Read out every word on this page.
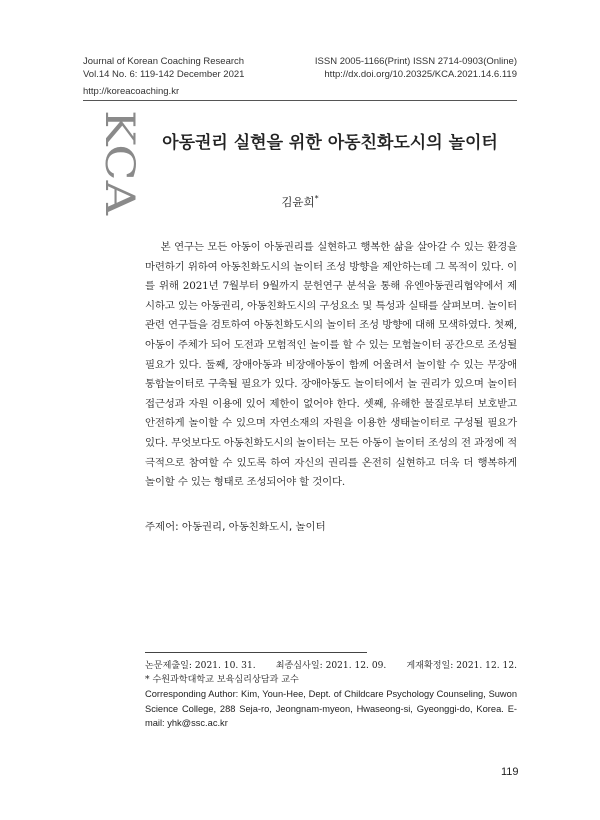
Journal of Korean Coaching Research
Vol.14 No. 6: 119-142 December 2021
ISSN 2005-1166(Print) ISSN 2714-0903(Online)
http://dx.doi.org/10.20325/KCA.2021.14.6.119
http://koreacoaching.kr
KCA	아동권리 실현을 위한 아동친화도시의 놀이터
김윤희*

본 연구는 모든 아동이 아동권리를 실현하고 행복한 삶을 살아갈 수 있는 환경을 마련하기 위하여 아동친화도시의 놀이터 조성 방향을 제안하는데 그 목적이 있다. 이를 위해 2021년 7월부터 9월까지 문헌연구 분석을 통해 유엔아동권리협약에서 제시하고 있는 아동권리, 아동친화도시의 구성요소 및 특성과 실태를 살펴보며. 놀이터 관련 연구들을 검토하여 아동친화도시의 놀이터 조성 방향에 대해 모색하였다. 첫째, 아동이 주체가 되어 도전과 모험적인 놀이를 할 수 있는 모험놀이터 공간으로 조성될 필요가 있다. 둘째, 장애아동과 비장애아동이 함께 어울려서 놀이할 수 있는 무장애 통합놀이터로 구축될 필요가 있다. 장애아동도 놀이터에서 놀 권리가 있으며 놀이터 접근성과 자원 이용에 있어 제한이 없어야 한다. 셋째, 유해한 물질로부터 보호받고 안전하게 놀이할 수 있으며 자연소재의 자원을 이용한 생태놀이터로 구성될 필요가 있다. 무엇보다도 아동친화도시의 놀이터는 모든 아동이 놀이터 조성의 전 과정에 적극적으로 참여할 수 있도록 하여 자신의 권리를 온전히 실현하고 더욱 더 행복하게 놀이할 수 있는 형태로 조성되어야 할 것이다.

주제어: 아동권리, 아동친화도시, 놀이터
논문제출일: 2021. 10. 31. 최종심사일: 2021. 12. 09. 게재확정일: 2021. 12. 12.
* 수원과학대학교 보육심리상담과 교수
Corresponding Author: Kim, Youn-Hee, Dept. of Childcare Psychology Counseling, Suwon Science College, 288 Seja-ro, Jeongnam-myeon, Hwaseong-si, Gyeonggi-do, Korea. E-mail: yhk@ssc.ac.kr
119
